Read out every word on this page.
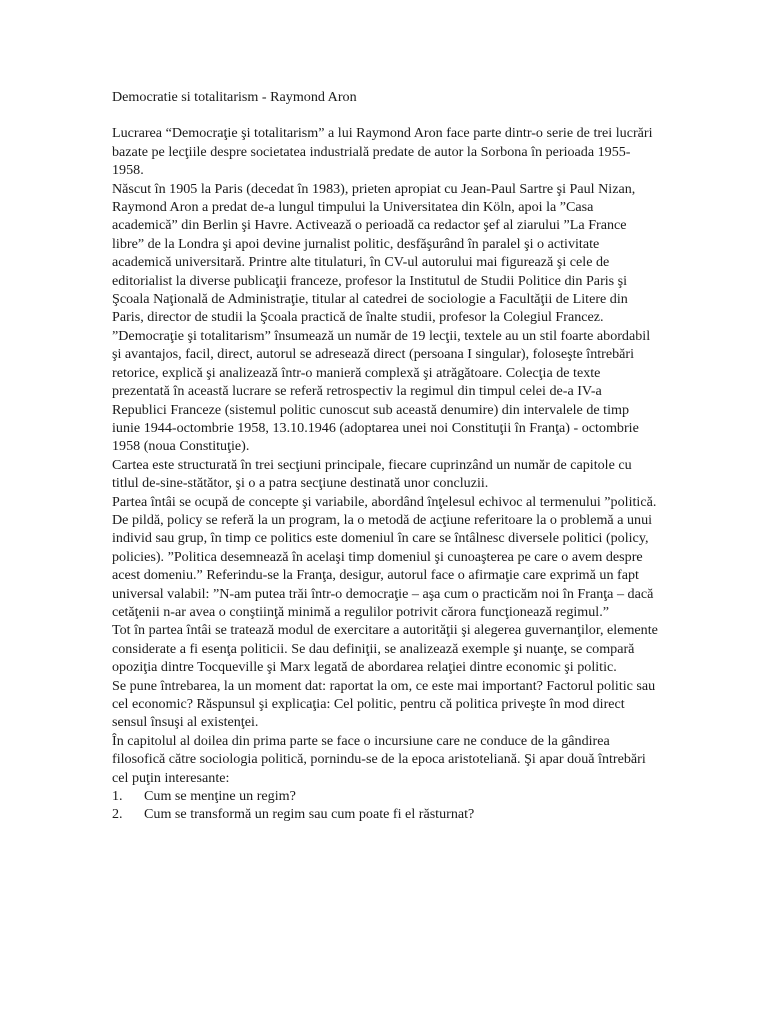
Democratie si totalitarism - Raymond Aron

Lucrarea “Democraţie şi totalitarism” a lui Raymond Aron face parte dintr-o serie de trei lucrări bazate pe lecţiile despre societatea industrială predate de autor la Sorbona în perioada 1955-1958.

Născut în 1905 la Paris (decedat în 1983), prieten apropiat cu Jean-Paul Sartre şi Paul Nizan, Raymond Aron a predat de-a lungul timpului la Universitatea din Köln, apoi la ”Casa academică” din Berlin şi Havre. Activează o perioadă ca redactor şef al ziarului ”La France libre” de la Londra şi apoi devine jurnalist politic, desfăşurând în paralel şi o activitate academică universitară. Printre alte titulaturi, în CV-ul autorului mai figurează şi cele de editorialist la diverse publicaţii franceze, profesor la Institutul de Studii Politice din Paris şi Şcoala Naţională de Administraţie, titular al catedrei de sociologie a Facultăţii de Litere din Paris, director de studii la Şcoala practică de înalte studii, profesor la Colegiul Francez.

”Democraţie şi totalitarism” însumează un număr de 19 lecţii, textele au un stil foarte abordabil şi avantajos, facil, direct, autorul se adresează direct (persoana I singular), foloseşte întrebări retorice, explică şi analizează într-o manieră complexă şi atrăgătoare. Colecţia de texte prezentată în această lucrare se referă retrospectiv la regimul din timpul celei de-a IV-a Republici Franceze (sistemul politic cunoscut sub această denumire) din intervalele de timp iunie 1944-octombrie 1958, 13.10.1946 (adoptarea unei noi Constituţii în Franţa) - octombrie 1958 (noua Constituţie).

Cartea este structurată în trei secţiuni principale, fiecare cuprinzând un număr de capitole cu titlul de-sine-stătător, şi o a patra secţiune destinată unor concluzii.

Partea întâi se ocupă de concepte şi variabile, abordând înţelesul echivoc al termenului ”politică. De pildă, policy se referă la un program, la o metodă de acţiune referitoare la o problemă a unui individ sau grup, în timp ce politics este domeniul în care se întâlnesc diversele politici (policy, policies). ”Politica desemnează în acelaşi timp domeniul şi cunoaşterea pe care o avem despre acest domeniu.” Referindu-se la Franţa, desigur, autorul face o afirmaţie care exprimă un fapt universal valabil: ”N-am putea trăi într-o democraţie – aşa cum o practicăm noi în Franţa – dacă cetăţenii n-ar avea o conştiinţă minimă a regulilor potrivit cărora funcţionează regimul.”

Tot în partea întâi se tratează modul de exercitare a autorităţii şi alegerea guvernanţilor, elemente considerate a fi esenţa politicii. Se dau definiţii, se analizează exemple şi nuanţe, se compară opoziţia dintre Tocqueville şi Marx legată de abordarea relaţiei dintre economic şi politic.

Se pune întrebarea, la un moment dat: raportat la om, ce este mai important? Factorul politic sau cel economic? Răspunsul şi explicaţia: Cel politic, pentru că politica priveşte în mod direct sensul însuşi al existenţei.

În capitolul al doilea din prima parte se face o incursiune care ne conduce de la gândirea filosofică către sociologia politică, pornindu-se de la epoca aristoteliană. Şi apar două întrebări cel puţin interesante:

1.	Cum se menţine un regim?
2.	Cum se transformă un regim sau cum poate fi el răsturnat?
